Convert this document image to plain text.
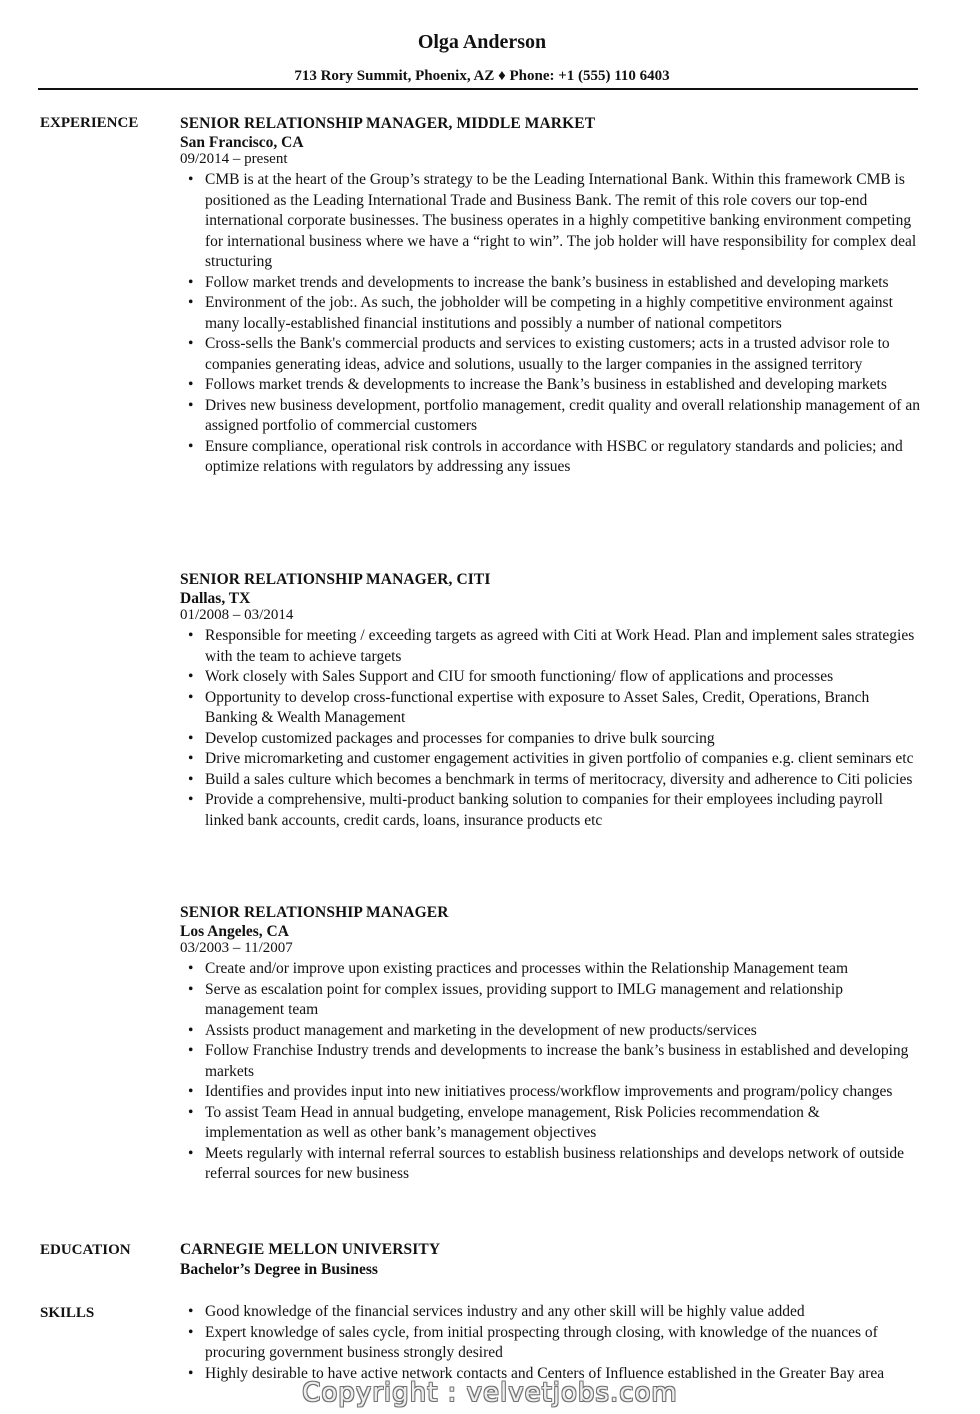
Olga Anderson
713 Rory Summit, Phoenix, AZ ♦ Phone: +1 (555) 110 6403
EXPERIENCE	SENIOR RELATIONSHIP MANAGER, MIDDLE MARKET
San Francisco, CA
09/2014 – present
• CMB is at the heart of the Group’s strategy to be the Leading International Bank. Within this framework CMB is positioned as the Leading International Trade and Business Bank. The remit of this role covers our top-end international corporate businesses. The business operates in a highly competitive banking environment competing for international business where we have a “right to win”. The job holder will have responsibility for complex deal structuring
• Follow market trends and developments to increase the bank’s business in established and developing markets
• Environment of the job:. As such, the jobholder will be competing in a highly competitive environment against many locally-established financial institutions and possibly a number of national competitors
• Cross-sells the Bank's commercial products and services to existing customers; acts in a trusted advisor role to companies generating ideas, advice and solutions, usually to the larger companies in the assigned territory
• Follows market trends & developments to increase the Bank’s business in established and developing markets
• Drives new business development, portfolio management, credit quality and overall relationship management of an assigned portfolio of commercial customers
• Ensure compliance, operational risk controls in accordance with HSBC or regulatory standards and policies; and optimize relations with regulators by addressing any issues
SENIOR RELATIONSHIP MANAGER, CITI
Dallas, TX
01/2008 – 03/2014
• Responsible for meeting / exceeding targets as agreed with Citi at Work Head. Plan and implement sales strategies with the team to achieve targets
• Work closely with Sales Support and CIU for smooth functioning/ flow of applications and processes
• Opportunity to develop cross-functional expertise with exposure to Asset Sales, Credit, Operations, Branch Banking & Wealth Management
• Develop customized packages and processes for companies to drive bulk sourcing
• Drive micromarketing and customer engagement activities in given portfolio of companies e.g. client seminars etc
• Build a sales culture which becomes a benchmark in terms of meritocracy, diversity and adherence to Citi policies
• Provide a comprehensive, multi-product banking solution to companies for their employees including payroll linked bank accounts, credit cards, loans, insurance products etc
SENIOR RELATIONSHIP MANAGER
Los Angeles, CA
03/2003 – 11/2007
• Create and/or improve upon existing practices and processes within the Relationship Management team
• Serve as escalation point for complex issues, providing support to IMLG management and relationship management team
• Assists product management and marketing in the development of new products/services
• Follow Franchise Industry trends and developments to increase the bank’s business in established and developing markets
• Identifies and provides input into new initiatives process/workflow improvements and program/policy changes
• To assist Team Head in annual budgeting, envelope management, Risk Policies recommendation & implementation as well as other bank’s management objectives
• Meets regularly with internal referral sources to establish business relationships and develops network of outside referral sources for new business
EDUCATION	CARNEGIE MELLON UNIVERSITY
Bachelor’s Degree in Business
SKILLS	• Good knowledge of the financial services industry and any other skill will be highly value added
• Expert knowledge of sales cycle, from initial prospecting through closing, with knowledge of the nuances of procuring government business strongly desired
• Highly desirable to have active network contacts and Centers of Influence established in the Greater Bay area
Copyright : velvetjobs.com
